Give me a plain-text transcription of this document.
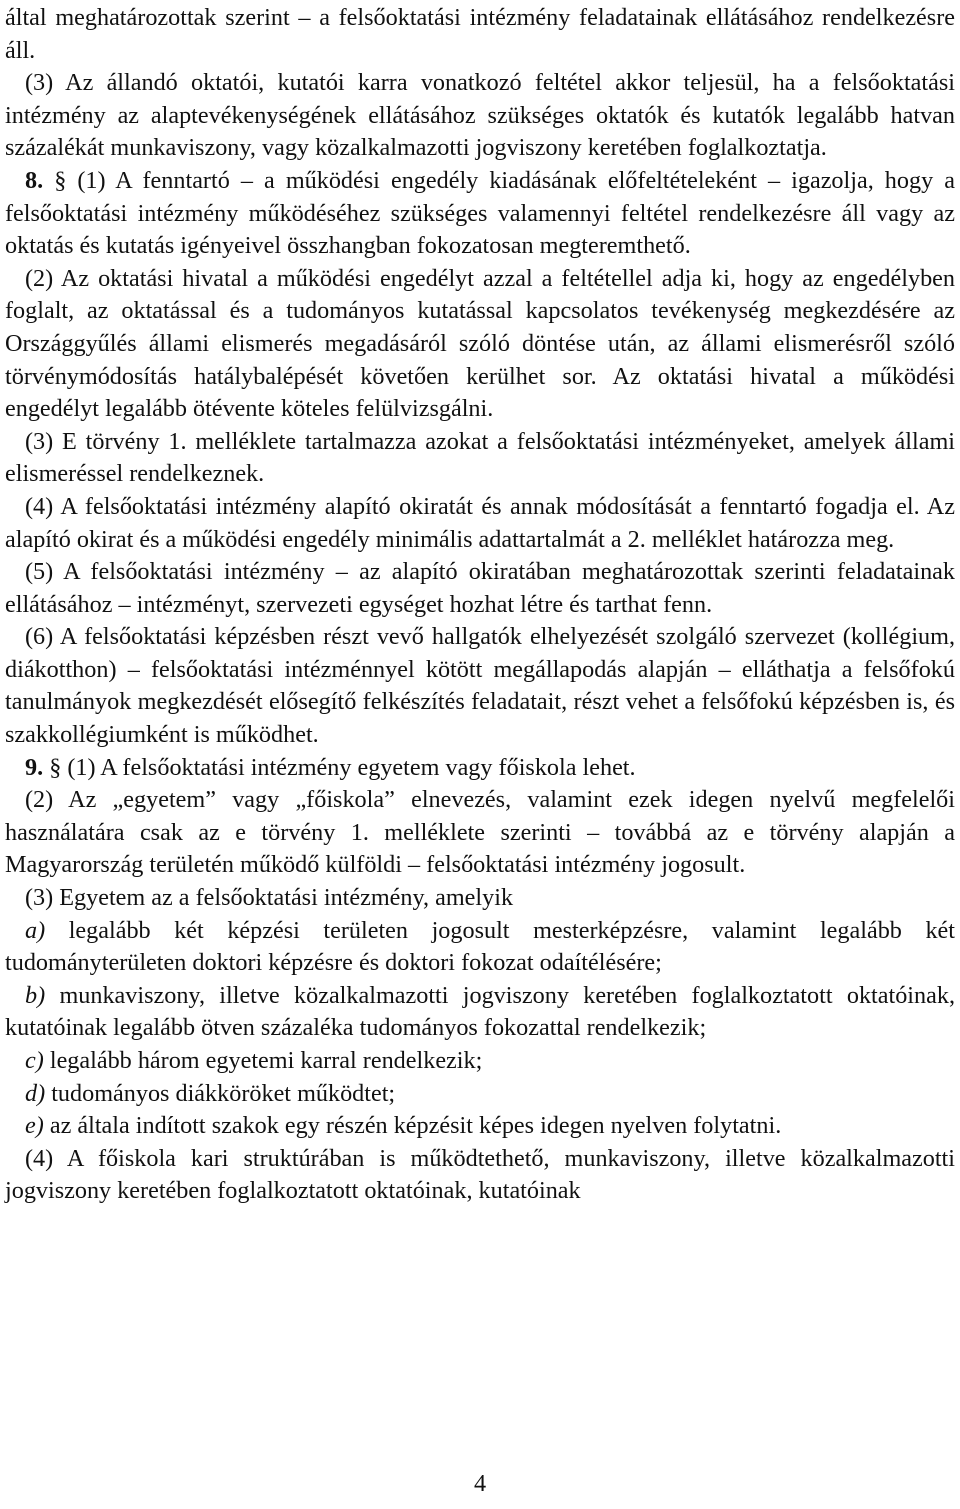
által meghatározottak szerint – a felsőoktatási intézmény feladatainak ellátásához rendelkezésre áll.

(3) Az állandó oktatói, kutatói karra vonatkozó feltétel akkor teljesül, ha a felsőoktatási intézmény az alaptevékenységének ellátásához szükséges oktatók és kutatók legalább hatvan százalékát munkaviszony, vagy közalkalmazotti jogviszony keretében foglalkoztatja.

8. § (1) A fenntartó – a működési engedély kiadásának előfeltételeként – igazolja, hogy a felsőoktatási intézmény működéséhez szükséges valamennyi feltétel rendelkezésre áll vagy az oktatás és kutatás igényeivel összhangban fokozatosan megteremthető.

(2) Az oktatási hivatal a működési engedélyt azzal a feltétellel adja ki, hogy az engedélyben foglalt, az oktatással és a tudományos kutatással kapcsolatos tevékenység megkezdésére az Országgyűlés állami elismerés megadásáról szóló döntése után, az állami elismerésről szóló törvénymódosítás hatálybalépését követően kerülhet sor. Az oktatási hivatal a működési engedélyt legalább ötévente köteles felülvizsgálni.

(3) E törvény 1. melléklete tartalmazza azokat a felsőoktatási intézményeket, amelyek állami elismeréssel rendelkeznek.

(4) A felsőoktatási intézmény alapító okiratát és annak módosítását a fenntartó fogadja el. Az alapító okirat és a működési engedély minimális adattartalmát a 2. melléklet határozza meg.

(5) A felsőoktatási intézmény – az alapító okiratában meghatározottak szerinti feladatainak ellátásához – intézményt, szervezeti egységet hozhat létre és tarthat fenn.

(6) A felsőoktatási képzésben részt vevő hallgatók elhelyezését szolgáló szervezet (kollégium, diákotthon) – felsőoktatási intézménnyel kötött megállapodás alapján – elláthatja a felsőfokú tanulmányok megkezdését elősegítő felkészítés feladatait, részt vehet a felsőfokú képzésben is, és szakkollégiumként is működhet.

9. § (1) A felsőoktatási intézmény egyetem vagy főiskola lehet.

(2) Az „egyetem” vagy „főiskola” elnevezés, valamint ezek idegen nyelvű megfelelői használatára csak az e törvény 1. melléklete szerinti – továbbá az e törvény alapján a Magyarország területén működő külföldi – felsőoktatási intézmény jogosult.

(3) Egyetem az a felsőoktatási intézmény, amelyik

a) legalább két képzési területen jogosult mesterképzésre, valamint legalább két tudományterületen doktori képzésre és doktori fokozat odaítélésére;

b) munkaviszony, illetve közalkalmazotti jogviszony keretében foglalkoztatott oktatóinak, kutatóinak legalább ötven százaléka tudományos fokozattal rendelkezik;

c) legalább három egyetemi karral rendelkezik;

d) tudományos diákköröket működtet;

e) az általa indított szakok egy részén képzésit képes idegen nyelven folytatni.

(4) A főiskola kari struktúrában is működtethető, munkaviszony, illetve közalkalmazotti jogviszony keretében foglalkoztatott oktatóinak, kutatóinak

4
